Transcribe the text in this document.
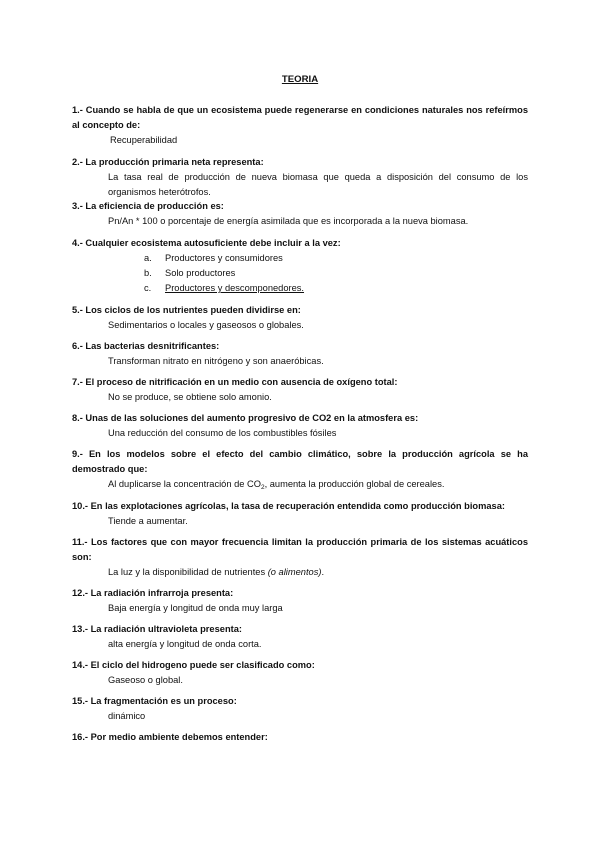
TEORIA
1.- Cuando se habla de que un ecosistema puede regenerarse en condiciones naturales nos refeírmos al concepto de:
Recuperabilidad
2.- La producción primaria neta representa:
La tasa real de producción de nueva biomasa que queda a disposición del consumo de los organismos heterótrofos.
3.- La eficiencia de producción es:
Pn/An * 100 o porcentaje de energía asimilada que es incorporada a la nueva biomasa.
4.- Cualquier ecosistema autosuficiente debe incluir a la vez:
a. Productores y consumidores
b. Solo productores
c. Productores y descomponedores.
5.- Los ciclos de los nutrientes pueden dividirse en:
Sedimentarios o locales y gaseosos o globales.
6.- Las bacterias desnitrificantes:
Transforman nitrato en nitrógeno y son anaeróbicas.
7.- El proceso de nitrificación en un medio con ausencia de oxígeno total:
No se produce, se obtiene solo amonio.
8.- Unas de las soluciones del aumento progresivo de CO2 en la atmosfera es:
Una reducción del consumo de los combustibles fósiles
9.- En los modelos sobre el efecto del cambio climático, sobre la producción agrícola se ha demostrado que:
Al duplicarse la concentración de $CO_2$, aumenta la producción global de cereales.
10.- En las explotaciones agrícolas, la tasa de recuperación entendida como producción biomasa:
Tiende a aumentar.
11.- Los factores que con mayor frecuencia limitan la producción primaria de los sistemas acuáticos son:
La luz y la disponibilidad de nutrientes (o alimentos).
12.- La radiación infrarroja presenta:
Baja energía y longitud de onda muy larga
13.- La radiación ultravioleta presenta:
alta energía y longitud de onda corta.
14.- El ciclo del hidrogeno puede ser clasificado como:
Gaseoso o global.
15.- La fragmentación es un proceso:
dinámico
16.- Por medio ambiente debemos entender:
